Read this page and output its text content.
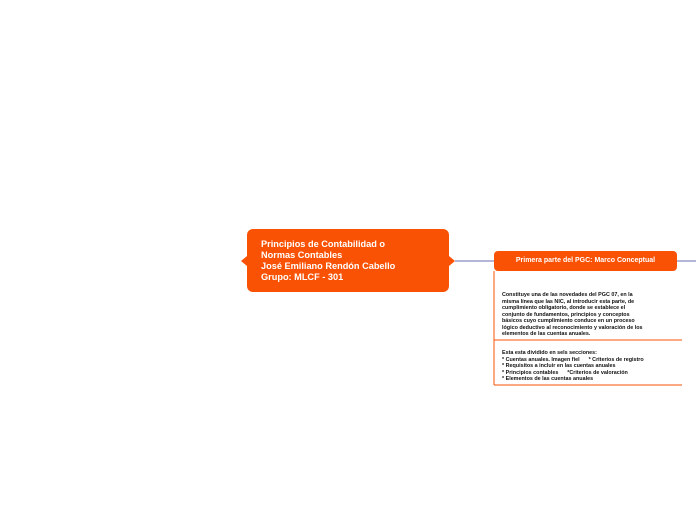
Principios de Contabilidad o
Normas Contables
José Emiliano Rendón Cabello
Grupo: MLCF - 301
Primera parte del PGC: Marco Conceptual
Constituye una de las novedades del PGC 07, en la
misma línea que las NIC, al introducir esta parte, de
cumplimiento obligatorio, donde se establece el
conjunto de fundamentos, principios y conceptos
básicos cuyo cumplimiento conduce en un proceso
lógico deductivo al reconocimiento y valoración de los
elementos de las cuentas anuales.
Esta esta dividido en sels secciones:
* Cuentas anuales. Imagen fiel      * Criterios de registro
* Requisitos a incluir en las cuentas anuales
* Principios contables      *Criterios de valoración
* Elementos de las cuentas anuales
